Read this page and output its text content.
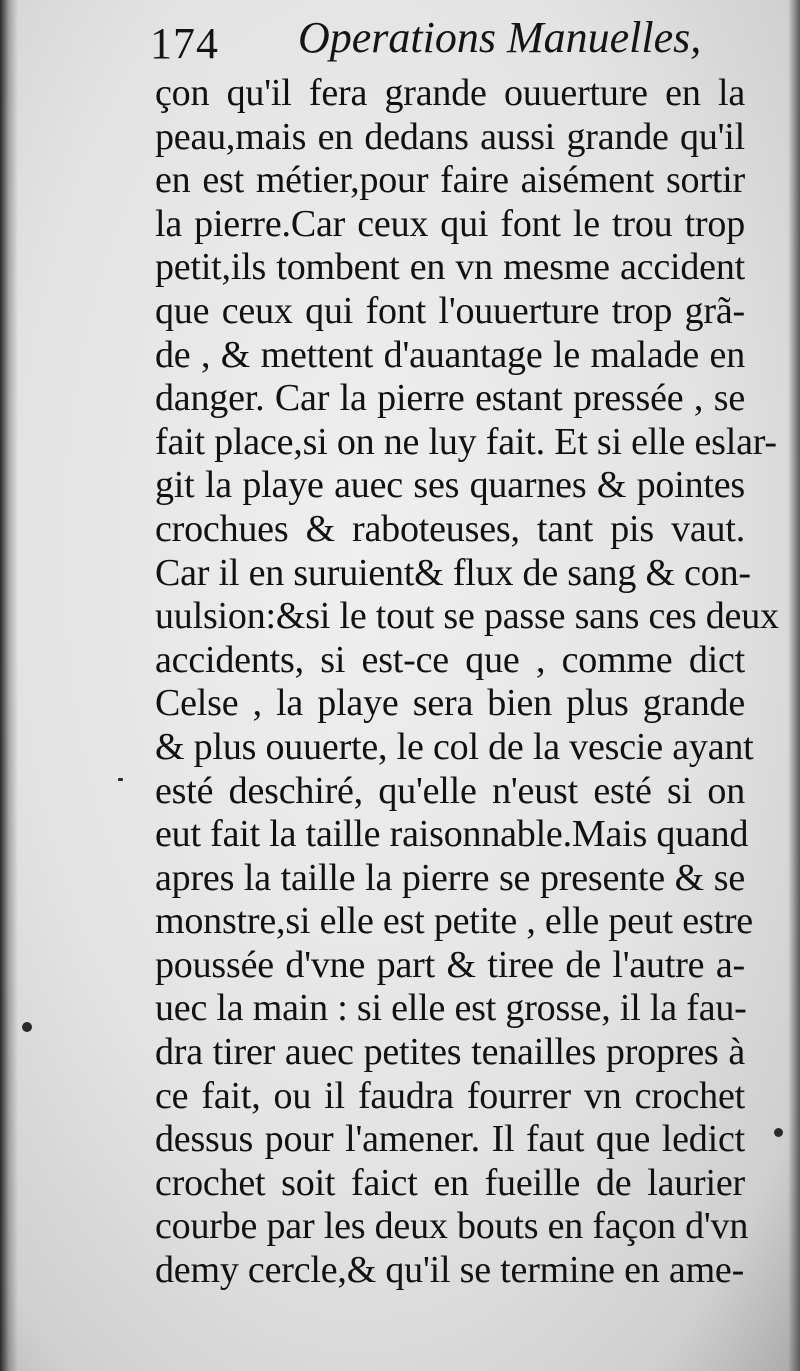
174 Operations Manuelles,
çon qu'il fera grande ouuerture en la
peau,mais en dedans aussi grande qu'il
en est métier,pour faire aisément sortir
la pierre.Car ceux qui font le trou trop
petit,ils tombent en vn mesme accident
que ceux qui font l'ouuerture trop grã-
de , & mettent d'auantage le malade en
danger. Car la pierre estant pressée , se
fait place,si on ne luy fait. Et si elle eslar-
git la playe auec ses quarnes & pointes
crochues & raboteuses, tant pis vaut.
Car il en suruient& flux de sang & con-
uulsion:&si le tout se passe sans ces deux
accidents, si est-ce que , comme dict
Celse , la playe sera bien plus grande
& plus ouuerte, le col de la vescie ayant
esté deschiré, qu'elle n'eust esté si on
eut fait la taille raisonnable.Mais quand
apres la taille la pierre se presente & se
monstre,si elle est petite , elle peut estre
poussée d'vne part & tiree de l'autre a-
uec la main : si elle est grosse, il la fau-
dra tirer auec petites tenailles propres à
ce fait, ou il faudra fourrer vn crochet
dessus pour l'amener. Il faut que ledict
crochet soit faict en fueille de laurier
courbe par les deux bouts en façon d'vn
demy cercle,& qu'il se termine en ame-
